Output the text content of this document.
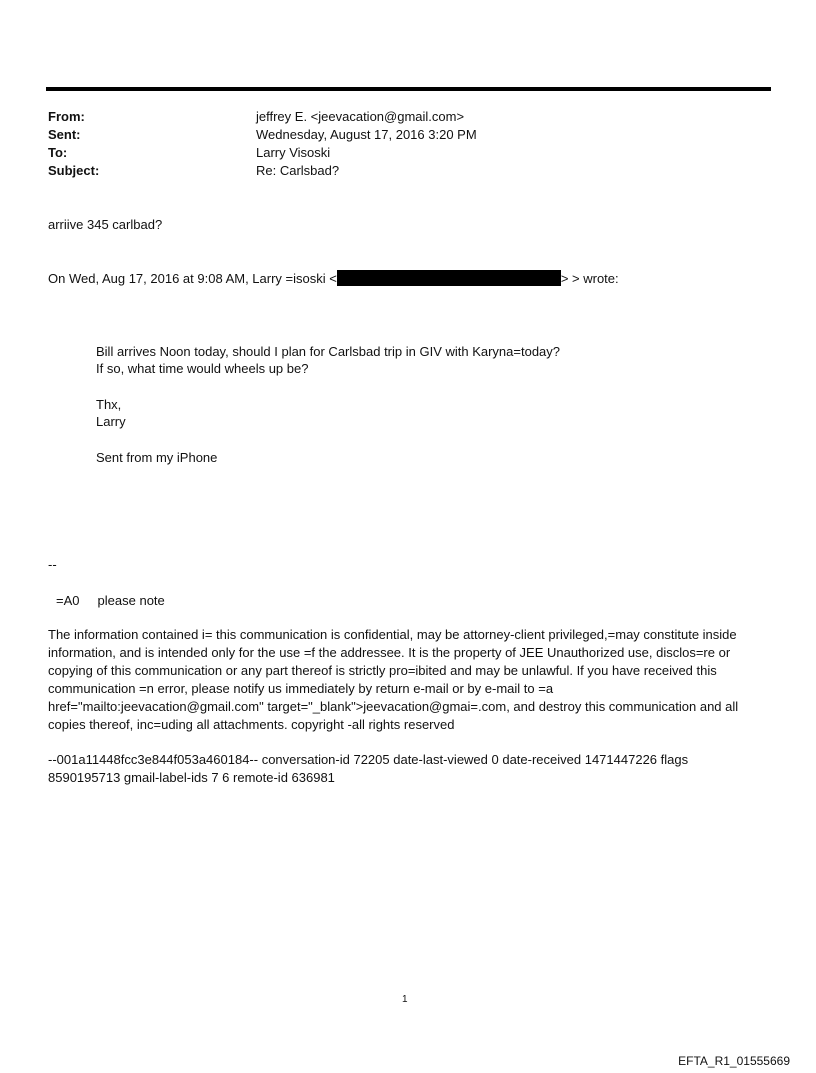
From:	jeffrey E. <jeevacation@gmail.com>
Sent:	Wednesday, August 17, 2016 3:20 PM
To:	Larry Visoski
Subject:	Re: Carlsbad?
arriive 345 carlbad?
On Wed, Aug 17, 2016 at 9:08 AM, Larry =isoski <	> > wrote:
Bill arrives Noon today, should I plan for Carlsbad trip in GIV with Karyna=today?
If so, what time would wheels up be?
Thx,
Larry
Sent from my iPhone
--
=A0     please note
The information contained i= this communication is confidential, may be attorney-client privileged,=may constitute inside information, and is intended only for the use =f the addressee. It is the property of JEE Unauthorized use, disclos=re or copying of this communication or any part thereof is strictly pro=ibited and may be unlawful. If you have received this communication =n error, please notify us immediately by return e-mail or by e-mail to =a href="mailto:jeevacation@gmail.com" target="_blank">jeevacation@gmai=.com, and destroy this communication and all copies thereof, inc=uding all attachments. copyright -all rights reserved
--001a11448fcc3e844f053a460184-- conversation-id 72205 date-last-viewed 0 date-received 1471447226 flags 8590195713 gmail-label-ids 7 6 remote-id 636981
1
EFTA_R1_01555669
